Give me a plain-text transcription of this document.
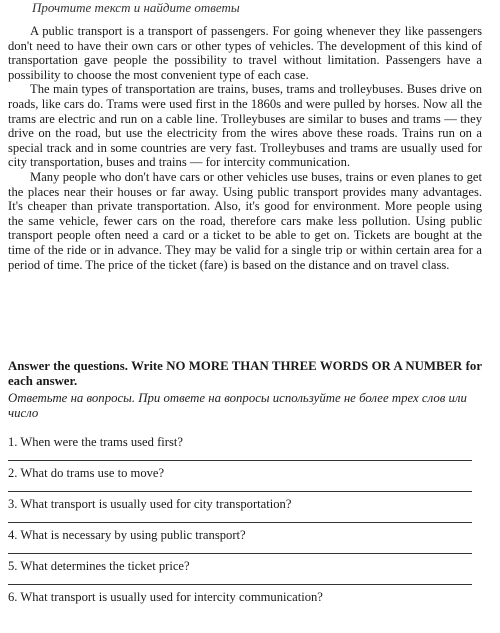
Прочтите текст и найдите ответы

A public transport is a transport of passengers. For going whenever they like passengers don't need to have their own cars or other types of vehicles. The development of this kind of transportation gave people the possibility to travel without limitation. Passengers have a possibility to choose the most convenient type of each case.

The main types of transportation are trains, buses, trams and trolleybuses. Buses drive on roads, like cars do. Trams were used first in the 1860s and were pulled by horses. Now all the trams are electric and run on a cable line. Trolleybuses are similar to buses and trams — they drive on the road, but use the electricity from the wires above these roads. Trains run on a special track and in some countries are very fast. Trolleybuses and trams are usually used for city transportation, buses and trains — for intercity communication.

Many people who don't have cars or other vehicles use buses, trains or even planes to get the places near their houses or far away. Using public transport provides many advantages. It's cheaper than private transportation. Also, it's good for environment. More people using the same vehicle, fewer cars on the road, therefore cars make less pollution. Using public transport people often need a card or a ticket to be able to get on. Tickets are bought at the time of the ride or in advance. They may be valid for a single trip or within certain area for a period of time. The price of the ticket (fare) is based on the distance and on travel class.

Answer the questions. Write NO MORE THAN THREE WORDS OR A NUMBER for each answer.

Ответьте на вопросы. При ответе на вопросы используйте не более трех слов или число

1. When were the trams used first?
2. What do trams use to move?
3. What transport is usually used for city transportation?
4. What is necessary by using public transport?
5. What determines the ticket price?
6. What transport is usually used for intercity communication?
